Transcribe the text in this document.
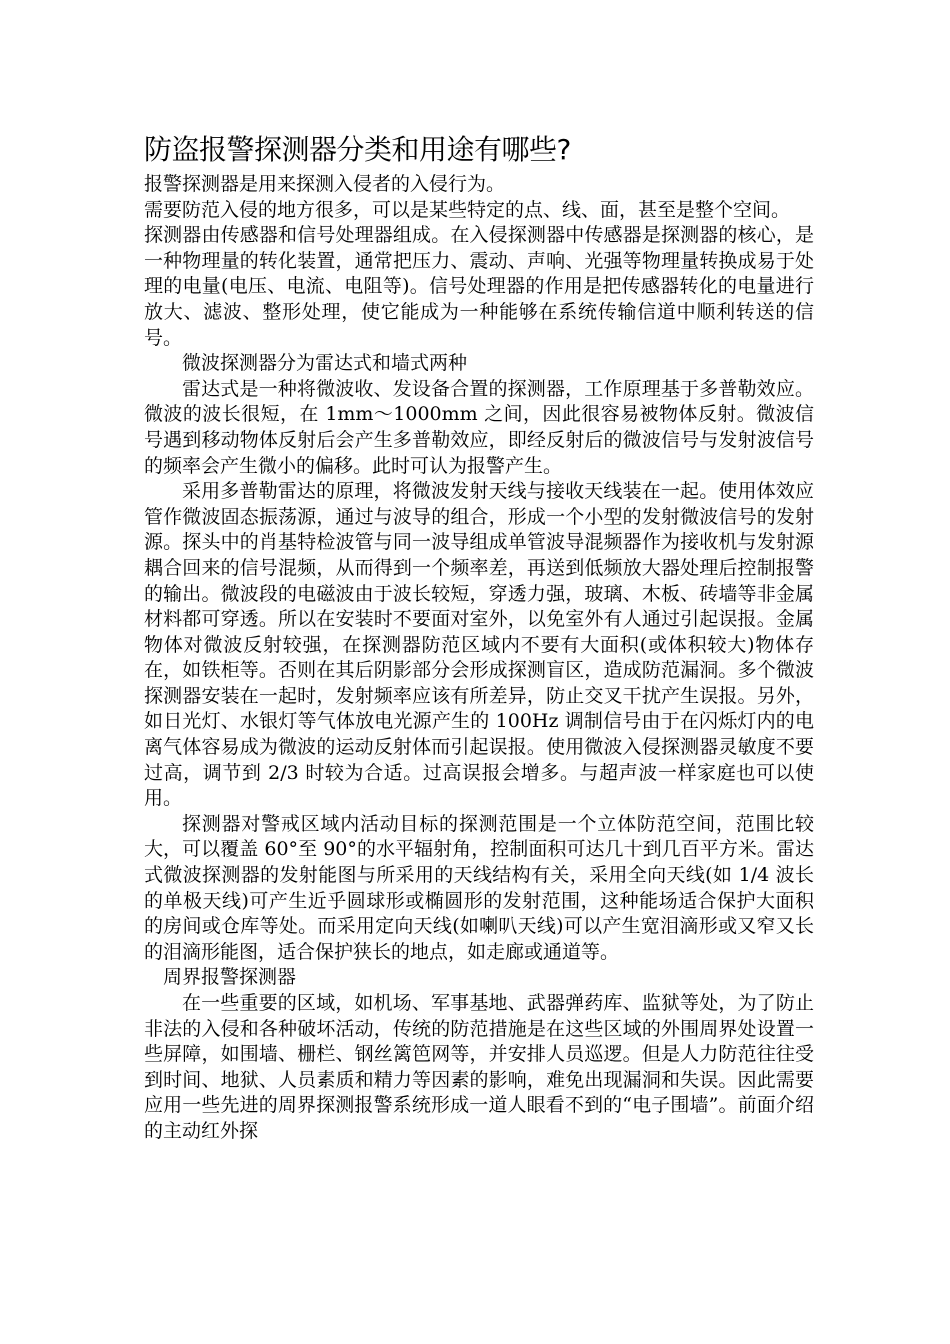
防盗报警探测器分类和用途有哪些?

报警探测器是用来探测入侵者的入侵行为。

需要防范入侵的地方很多，可以是某些特定的点、线、面，甚至是整个空间。

探测器由传感器和信号处理器组成。在入侵探测器中传感器是探测器的核心，是一种物理量的转化装置，通常把压力、震动、声响、光强等物理量转换成易于处理的电量(电压、电流、电阻等)。信号处理器的作用是把传感器转化的电量进行放大、滤波、整形处理，使它能成为一种能够在系统传输信道中顺利转送的信号。

微波探测器分为雷达式和墙式两种

雷达式是一种将微波收、发设备合置的探测器，工作原理基于多普勒效应。微波的波长很短，在 1mm～1000mm 之间，因此很容易被物体反射。微波信号遇到移动物体反射后会产生多普勒效应，即经反射后的微波信号与发射波信号的频率会产生微小的偏移。此时可认为报警产生。

采用多普勒雷达的原理，将微波发射天线与接收天线装在一起。使用体效应管作微波固态振荡源，通过与波导的组合，形成一个小型的发射微波信号的发射源。探头中的肖基特检波管与同一波导组成单管波导混频器作为接收机与发射源耦合回来的信号混频，从而得到一个频率差，再送到低频放大器处理后控制报警的输出。微波段的电磁波由于波长较短，穿透力强，玻璃、木板、砖墙等非金属材料都可穿透。所以在安装时不要面对室外，以免室外有人通过引起误报。金属物体对微波反射较强，在探测器防范区域内不要有大面积(或体积较大)物体存在，如铁柜等。否则在其后阴影部分会形成探测盲区，造成防范漏洞。多个微波探测器安装在一起时，发射频率应该有所差异，防止交叉干扰产生误报。另外，如日光灯、水银灯等气体放电光源产生的 100Hz 调制信号由于在闪烁灯内的电离气体容易成为微波的运动反射体而引起误报。使用微波入侵探测器灵敏度不要过高，调节到 2/3 时较为合适。过高误报会增多。与超声波一样家庭也可以使用。

探测器对警戒区域内活动目标的探测范围是一个立体防范空间，范围比较大，可以覆盖 60°至 90°的水平辐射角，控制面积可达几十到几百平方米。雷达式微波探测器的发射能图与所采用的天线结构有关，采用全向天线(如 1/4 波长的单极天线)可产生近乎圆球形或椭圆形的发射范围，这种能场适合保护大面积的房间或仓库等处。而采用定向天线(如喇叭天线)可以产生宽泪滴形或又窄又长的泪滴形能图，适合保护狭长的地点，如走廊或通道等。

周界报警探测器

在一些重要的区域，如机场、军事基地、武器弹药库、监狱等处，为了防止非法的入侵和各种破坏活动，传统的防范措施是在这些区域的外围周界处设置一些屏障，如围墙、栅栏、钢丝篱笆网等，并安排人员巡逻。但是人力防范往往受到时间、地狱、人员素质和精力等因素的影响，难免出现漏洞和失误。因此需要应用一些先进的周界探测报警系统形成一道人眼看不到的“电子围墙”。前面介绍的主动红外探
